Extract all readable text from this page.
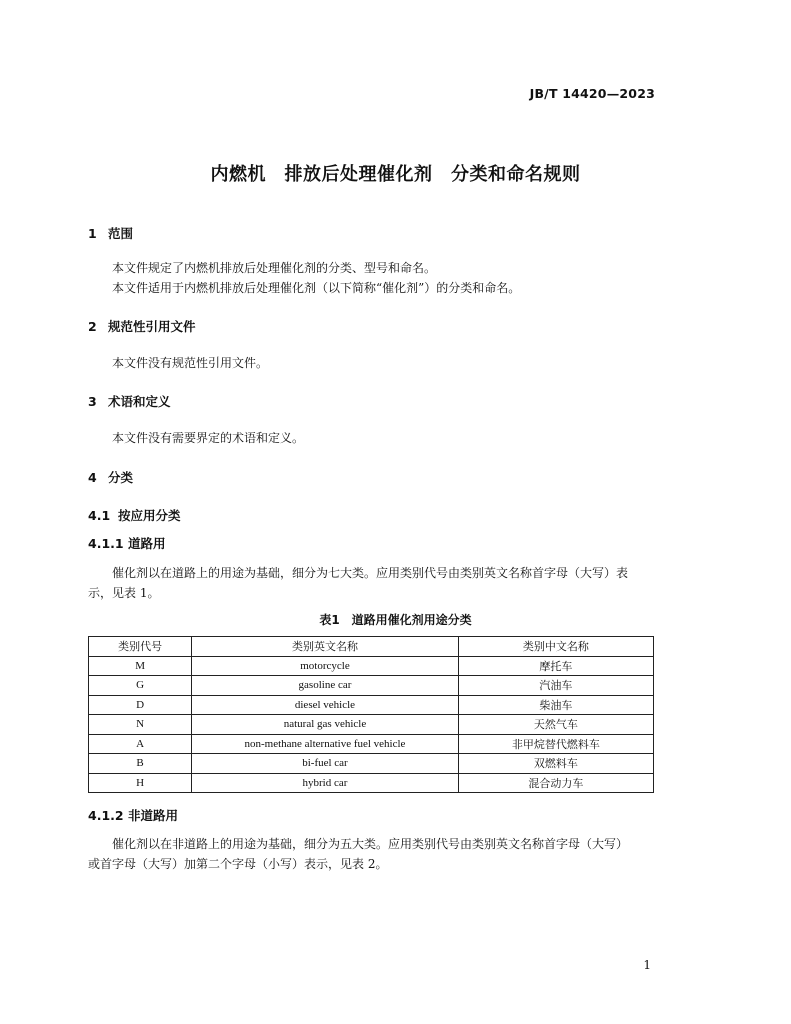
JB/T 14420—2023
内燃机　排放后处理催化剂　分类和命名规则
1 范围
本文件规定了内燃机排放后处理催化剂的分类、型号和命名。
本文件适用于内燃机排放后处理催化剂（以下简称“催化剂”）的分类和命名。
2 规范性引用文件
本文件没有规范性引用文件。
3 术语和定义
本文件没有需要界定的术语和定义。
4 分类
4.1 按应用分类
4.1.1 道路用
催化剂以在道路上的用途为基础，细分为七大类。应用类别代号由类别英文名称首字母（大写）表
示，见表 1。
表1　道路用催化剂用途分类
类别代号	类别英文名称	类别中文名称
M	motorcycle	摩托车
G	gasoline car	汽油车
D	diesel vehicle	柴油车
N	natural gas vehicle	天然气车
A	non-methane alternative fuel vehicle	非甲烷替代燃料车
B	bi-fuel car	双燃料车
H	hybrid car	混合动力车
4.1.2 非道路用
催化剂以在非道路上的用途为基础，细分为五大类。应用类别代号由类别英文名称首字母（大写）
或首字母（大写）加第二个字母（小写）表示，见表 2。
1
